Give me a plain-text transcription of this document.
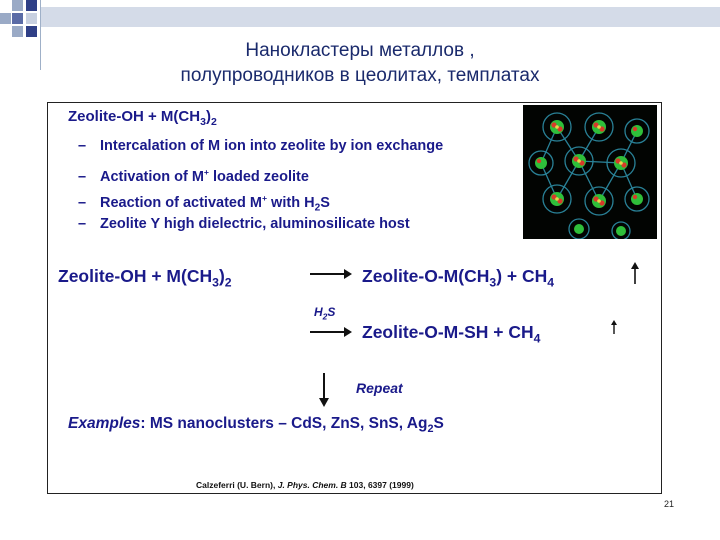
Нанокластеры металлов ,
полупроводников в цеолитах, темплатах
Zeolite-OH + $M(CH_3)_2$
– Intercalation of M ion into zeolite by ion exchange
– Activation of M+ loaded zeolite
– Reaction of activated M+ with $H_2S$
– Zeolite Y high dielectric, aluminosilicate host
Zeolite-OH + $M(CH_3)_2$	Zeolite-$O-M(CH_3) + CH_4$
$H_2S$
Zeolite-O-M-SH + $CH_4$
Repeat
Examples: MS nanoclusters – CdS, ZnS, SnS, $Ag_2S$
Calzeferri (U. Bern), J. Phys. Chem. B 103, 6397 (1999)
21
